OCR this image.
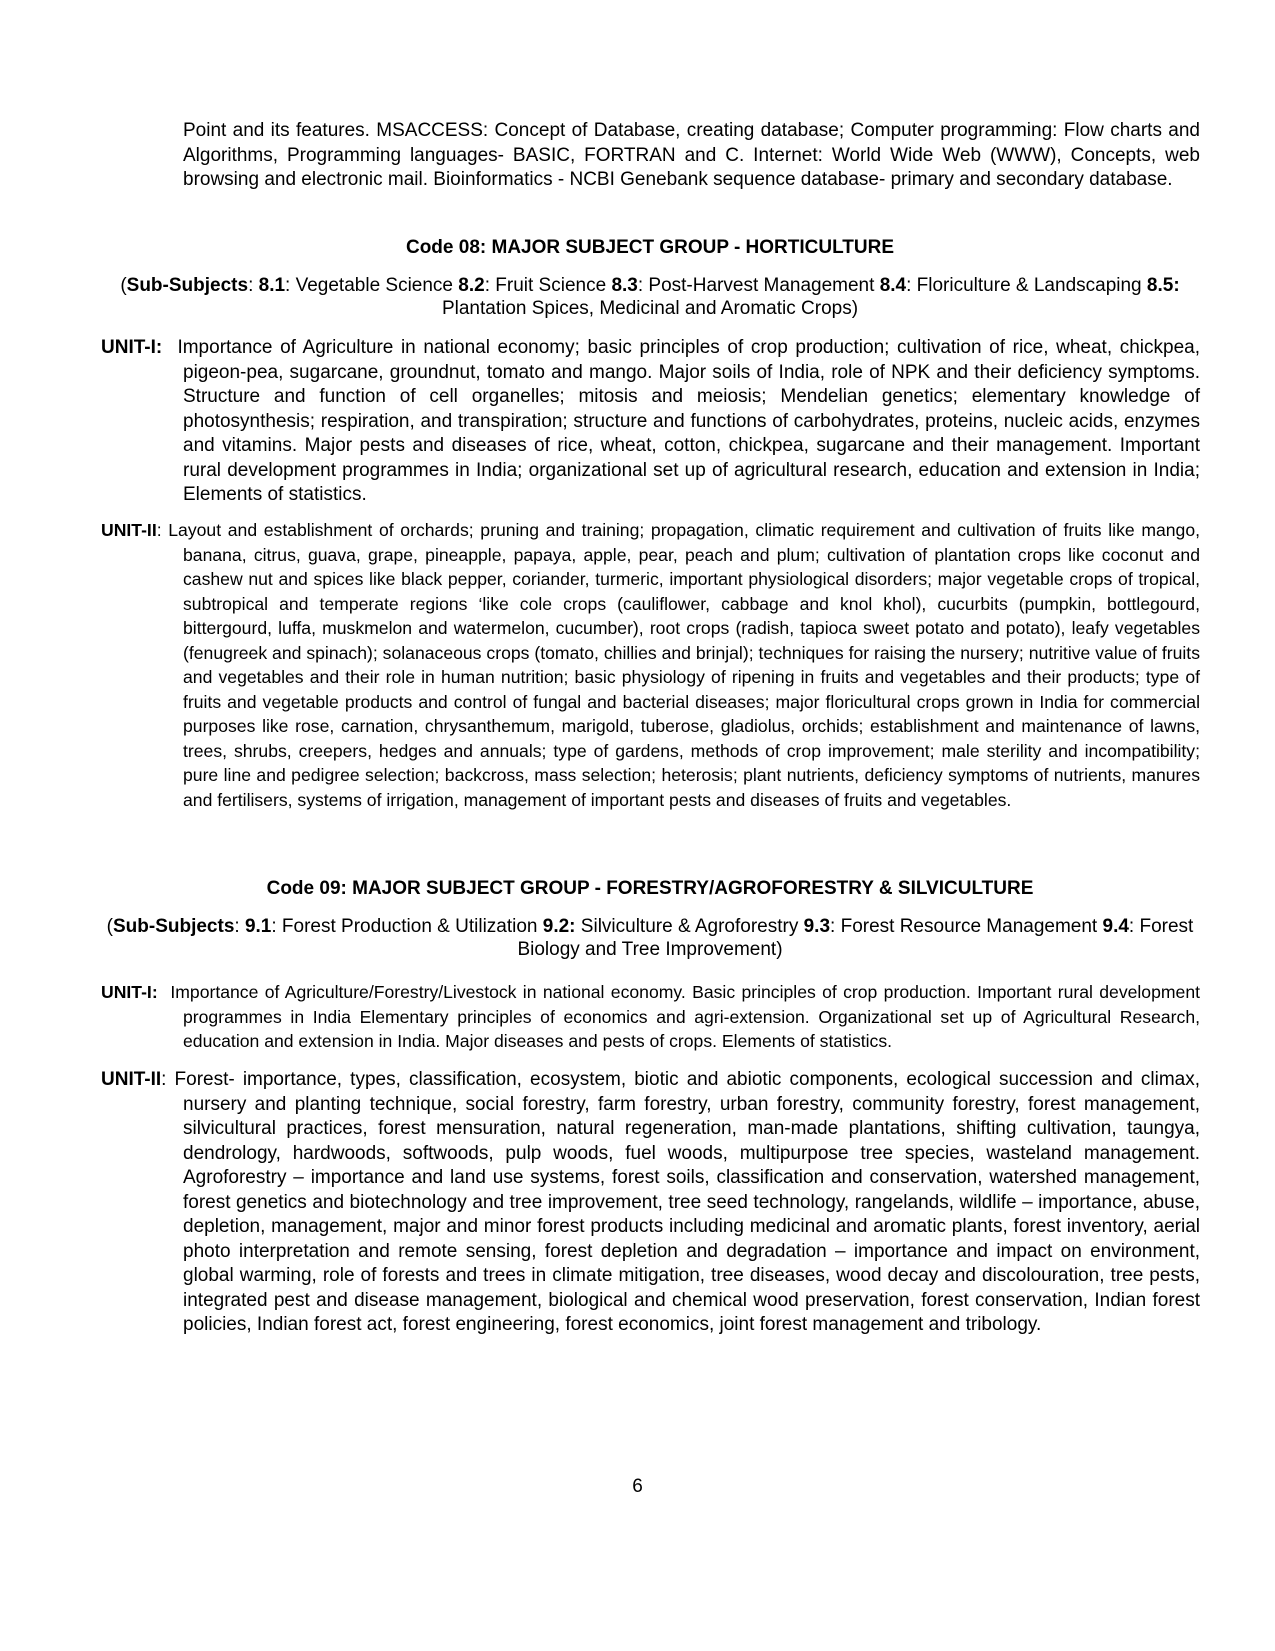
Point and its features. MSACCESS: Concept of Database, creating database; Computer programming: Flow charts and Algorithms, Programming languages- BASIC, FORTRAN and C. Internet: World Wide Web (WWW), Concepts, web browsing and electronic mail. Bioinformatics - NCBI Genebank sequence database- primary and secondary database.
Code 08: MAJOR SUBJECT GROUP - HORTICULTURE
(Sub-Subjects: 8.1: Vegetable Science 8.2: Fruit Science 8.3: Post-Harvest Management 8.4: Floriculture & Landscaping 8.5: Plantation Spices, Medicinal and Aromatic Crops)
UNIT-I: Importance of Agriculture in national economy; basic principles of crop production; cultivation of rice, wheat, chickpea, pigeon-pea, sugarcane, groundnut, tomato and mango. Major soils of India, role of NPK and their deficiency symptoms. Structure and function of cell organelles; mitosis and meiosis; Mendelian genetics; elementary knowledge of photosynthesis; respiration, and transpiration; structure and functions of carbohydrates, proteins, nucleic acids, enzymes and vitamins. Major pests and diseases of rice, wheat, cotton, chickpea, sugarcane and their management. Important rural development programmes in India; organizational set up of agricultural research, education and extension in India; Elements of statistics.
UNIT-II: Layout and establishment of orchards; pruning and training; propagation, climatic requirement and cultivation of fruits like mango, banana, citrus, guava, grape, pineapple, papaya, apple, pear, peach and plum; cultivation of plantation crops like coconut and cashew nut and spices like black pepper, coriander, turmeric, important physiological disorders; major vegetable crops of tropical, subtropical and temperate regions ‘like cole crops (cauliflower, cabbage and knol khol), cucurbits (pumpkin, bottlegourd, bittergourd, luffa, muskmelon and watermelon, cucumber), root crops (radish, tapioca sweet potato and potato), leafy vegetables (fenugreek and spinach); solanaceous crops (tomato, chillies and brinjal); techniques for raising the nursery; nutritive value of fruits and vegetables and their role in human nutrition; basic physiology of ripening in fruits and vegetables and their products; type of fruits and vegetable products and control of fungal and bacterial diseases; major floricultural crops grown in India for commercial purposes like rose, carnation, chrysanthemum, marigold, tuberose, gladiolus, orchids; establishment and maintenance of lawns, trees, shrubs, creepers, hedges and annuals; type of gardens, methods of crop improvement; male sterility and incompatibility; pure line and pedigree selection; backcross, mass selection; heterosis; plant nutrients, deficiency symptoms of nutrients, manures and fertilisers, systems of irrigation, management of important pests and diseases of fruits and vegetables.
Code 09: MAJOR SUBJECT GROUP - FORESTRY/AGROFORESTRY & SILVICULTURE
(Sub-Subjects: 9.1: Forest Production & Utilization 9.2: Silviculture & Agroforestry 9.3: Forest Resource Management 9.4: Forest Biology and Tree Improvement)
UNIT-I: Importance of Agriculture/Forestry/Livestock in national economy. Basic principles of crop production. Important rural development programmes in India Elementary principles of economics and agri-extension. Organizational set up of Agricultural Research, education and extension in India. Major diseases and pests of crops. Elements of statistics.
UNIT-II: Forest- importance, types, classification, ecosystem, biotic and abiotic components, ecological succession and climax, nursery and planting technique, social forestry, farm forestry, urban forestry, community forestry, forest management, silvicultural practices, forest mensuration, natural regeneration, man-made plantations, shifting cultivation, taungya, dendrology, hardwoods, softwoods, pulp woods, fuel woods, multipurpose tree species, wasteland management. Agroforestry – importance and land use systems, forest soils, classification and conservation, watershed management, forest genetics and biotechnology and tree improvement, tree seed technology, rangelands, wildlife – importance, abuse, depletion, management, major and minor forest products including medicinal and aromatic plants, forest inventory, aerial photo interpretation and remote sensing, forest depletion and degradation – importance and impact on environment, global warming, role of forests and trees in climate mitigation, tree diseases, wood decay and discolouration, tree pests, integrated pest and disease management, biological and chemical wood preservation, forest conservation, Indian forest policies, Indian forest act, forest engineering, forest economics, joint forest management and tribology.
6
